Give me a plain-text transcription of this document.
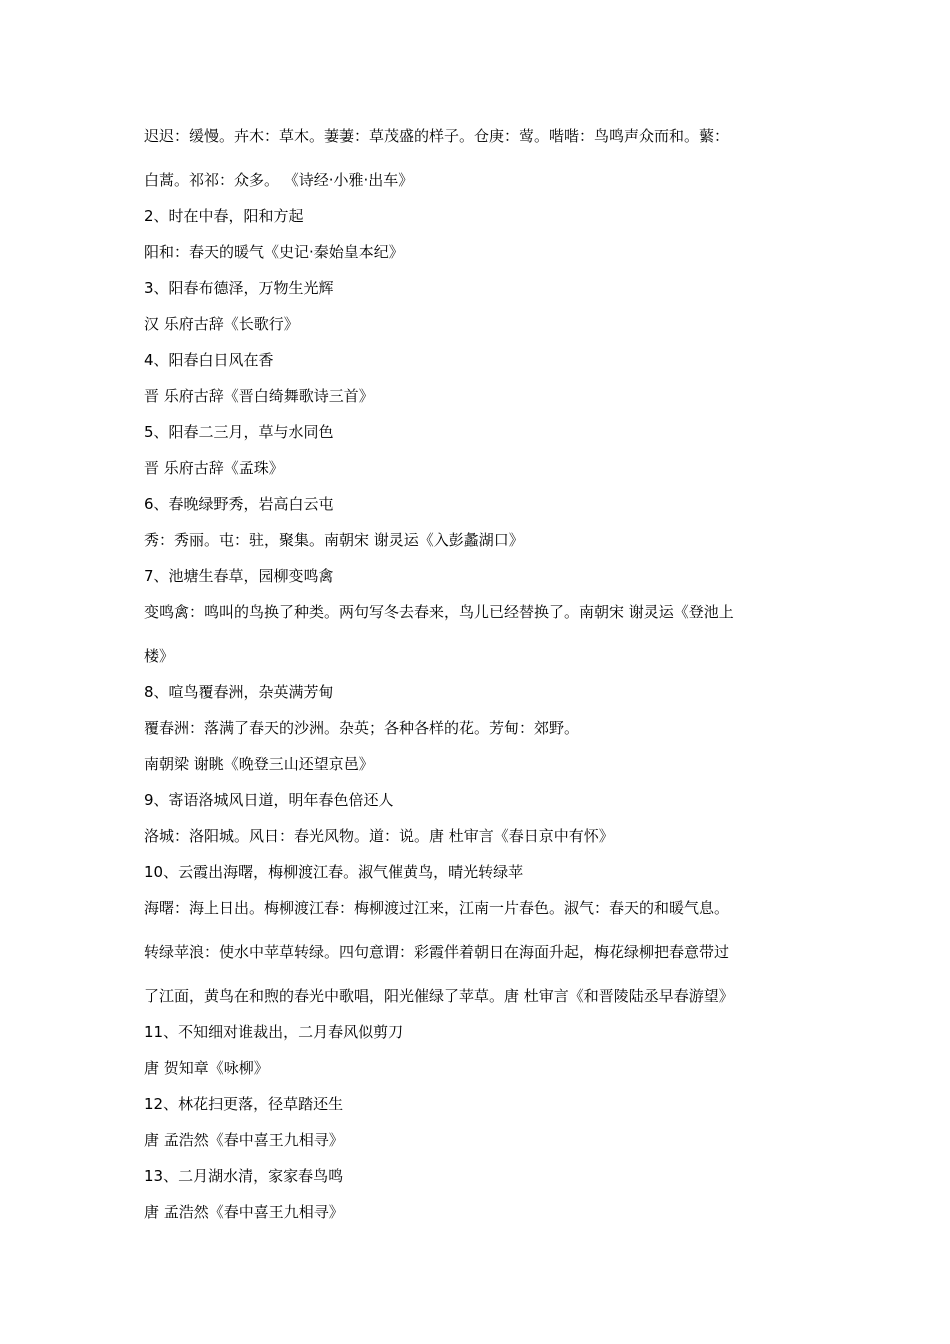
迟迟：缓慢。卉木：草木。萋萋：草茂盛的样子。仓庚：莺。喈喈：鸟鸣声众而和。蘩：
白蒿。祁祁：众多。 《诗经·小雅·出车》
2、时在中春，阳和方起
阳和：春天的暖气《史记·秦始皇本纪》
3、阳春布德泽，万物生光辉
汉 乐府古辞《长歌行》
4、阳春白日风在香
晋 乐府古辞《晋白绮舞歌诗三首》
5、阳春二三月，草与水同色
晋 乐府古辞《孟珠》
6、春晚绿野秀，岩高白云屯
秀：秀丽。屯：驻，聚集。南朝宋 谢灵运《入彭蠡湖口》
7、池塘生春草，园柳变鸣禽
变鸣禽：鸣叫的鸟换了种类。两句写冬去春来，鸟儿已经替换了。南朝宋 谢灵运《登池上
楼》
8、喧鸟覆春洲，杂英满芳甸
覆春洲：落满了春天的沙洲。杂英；各种各样的花。芳甸：郊野。
南朝梁 谢眺《晚登三山还望京邑》
9、寄语洛城风日道，明年春色倍还人
洛城：洛阳城。风日：春光风物。道：说。唐 杜审言《春日京中有怀》
10、云霞出海曙，梅柳渡江春。淑气催黄鸟，晴光转绿苹
海曙：海上日出。梅柳渡江春：梅柳渡过江来，江南一片春色。淑气：春天的和暖气息。
转绿苹浪：使水中苹草转绿。四句意谓：彩霞伴着朝日在海面升起，梅花绿柳把春意带过
了江面，黄鸟在和煦的春光中歌唱，阳光催绿了苹草。唐 杜审言《和晋陵陆丞早春游望》
11、不知细对谁裁出，二月春风似剪刀
唐 贺知章《咏柳》
12、林花扫更落，径草踏还生
唐 孟浩然《春中喜王九相寻》
13、二月湖水清，家家春鸟鸣
唐 孟浩然《春中喜王九相寻》
